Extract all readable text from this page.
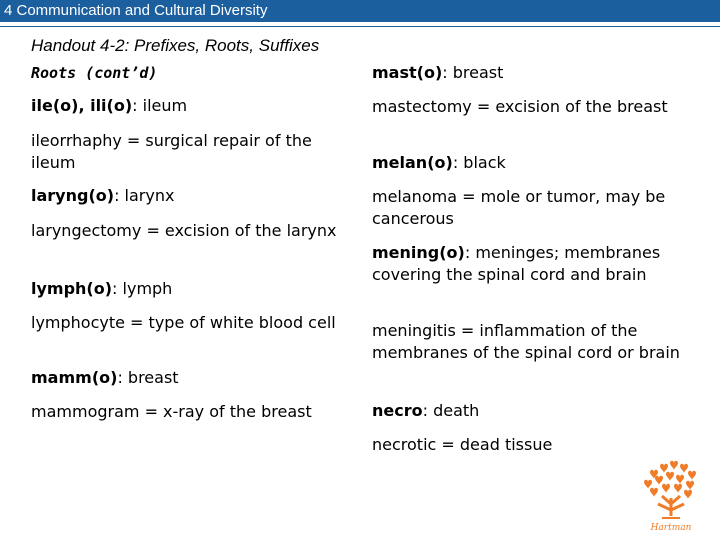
4 Communication and Cultural Diversity
Handout 4-2: Prefixes, Roots, Suffixes
Roots (cont’d)

ile(o), ili(o): ileum

ileorrhaphy = surgical repair of the ileum

laryng(o): larynx

laryngectomy = excision of the larynx

lymph(o): lymph

lymphocyte = type of white blood cell

mamm(o): breast

mammogram = x-ray of the breast

mast(o): breast

mastectomy = excision of the breast

melan(o): black

melanoma = mole or tumor, may be cancerous

mening(o): meninges; membranes covering the spinal cord and brain

meningitis = inflammation of the membranes of the spinal cord or brain

necro: death

necrotic = dead tissue

Hartman
